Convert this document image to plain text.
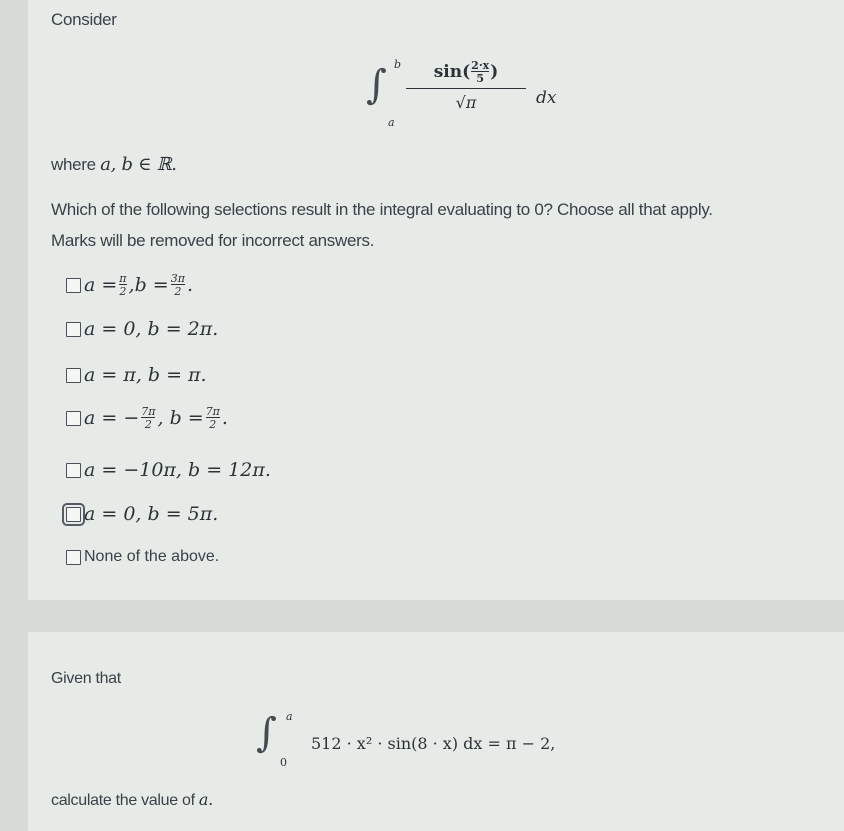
Consider
∫ b
a
$\sin( \frac{2\cdot x}{5}$ )
√π	dx
where a, b ∈ ℝ.
Which of the following selections result in the integral evaluating to 0? Choose all that apply.
Marks will be removed for incorrect answers.
$a = \frac{\pi}{2} ,b = \frac{3\pi}{2}$ .
a = 0, b = 2π.
a = π, b = π.
a = − $\frac{7\pi}{2}$ , $b = \frac{7\pi}{2}$ .
a = −10π, b = 12π.
a = 0, b = 5π.
None of the above.
Given that
∫ a
0
512 · x² · sin(8 · x) dx = π − 2,
calculate the value of a.
